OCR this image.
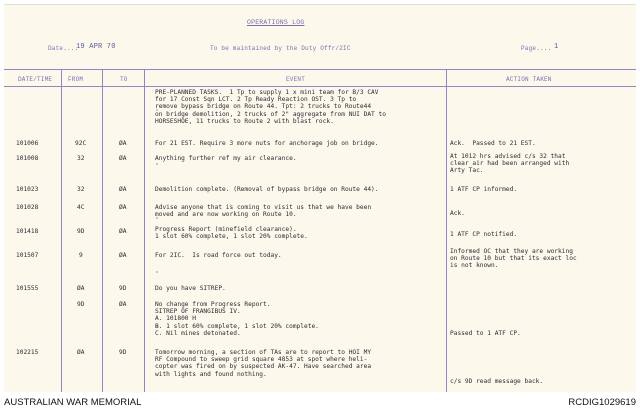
OPERATIONS LOG
Date....
19 APR 70	To be maintained by the Duty Offr/2IC	Page.... 1
DATE/TIME	FROM	TO	EVENT	ACTION TAKEN
PRE-PLANNED TASKS.  1 Tp to supply 1 x mini team for B/3 CAV
for 17 Const Sqn LCT. 2 Tp Ready Reaction OST. 3 Tp to
remove bypass bridge on Route 44. Tpt: 2 trucks to Route44
on bridge demolition, 2 trucks of 2" aggregate from NUI DAT to
HORSESHOE, 11 trucks to Route 2 with blast rock.
101006	92C	ØA	For 21 EST. Require 3 more nuts for anchorage job on bridge.	Ack.  Passed to 21 EST.
101008	32	ØA	Anything further ref my air clearance.	At 1012 hrs advised c/s 32 that
clear air had been arranged with
Arty Tac.
101023	32	ØA	Demolition complete. (Removal of bypass bridge on Route 44).	1 ATF CP informed.
101028	4C	ØA	Advise anyone that is coming to visit us that we have been
moved and are now working on Route 10.	Ack.
101418	9D	ØA	Progress Report (minefield clearance).
1 slot 60% complete, 1 slot 20% complete.	1 ATF CP notified.
101507	9	ØA	For 2IC.  Is road force out today.
Informed OC that they are working
on Route 10 but that its exact loc
is not known.
101555	ØA	9D	Do you have SITREP.
9D	ØA	No change from Progress Report.
SITREP OF FRANGIBUS IV.
A. 101800 H
B. 1 slot 60% complete, 1 slot 20% complete.
C. Nil mines detonated.	

Passed to 1 ATF CP.
102215	ØA	9D	Tomorrow morning, a section of TAs are to report to HOI MY
RF Compound to sweep grid square 4853 at spot where heli-
copter was fired on by suspected AK-47. Have searched area
with lights and found nothing.

c/s 9D read message back.
AUSTRALIAN WAR MEMORIAL	RCDIG1029619
